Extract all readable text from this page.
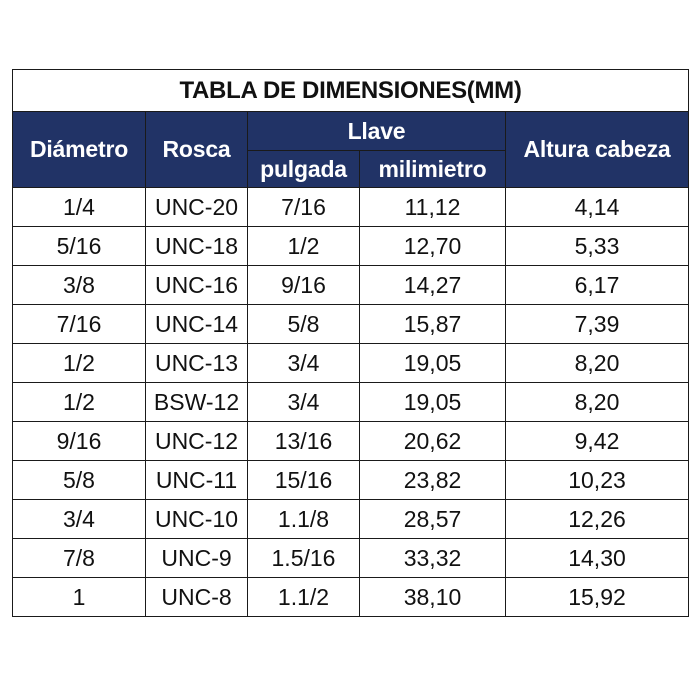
TABLA DE DIMENSIONES(MM)				
Diámetro	Rosca	Llave		Altura cabeza
		pulgada	milimietro	
1/4	UNC-20	7/16	11,12	4,14
5/16	UNC-18	1/2	12,70	5,33
3/8	UNC-16	9/16	14,27	6,17
7/16	UNC-14	5/8	15,87	7,39
1/2	UNC-13	3/4	19,05	8,20
1/2	BSW-12	3/4	19,05	8,20
9/16	UNC-12	13/16	20,62	9,42
5/8	UNC-11	15/16	23,82	10,23
3/4	UNC-10	1.1/8	28,57	12,26
7/8	UNC-9	1.5/16	33,32	14,30
1	UNC-8	1.1/2	38,10	15,92
